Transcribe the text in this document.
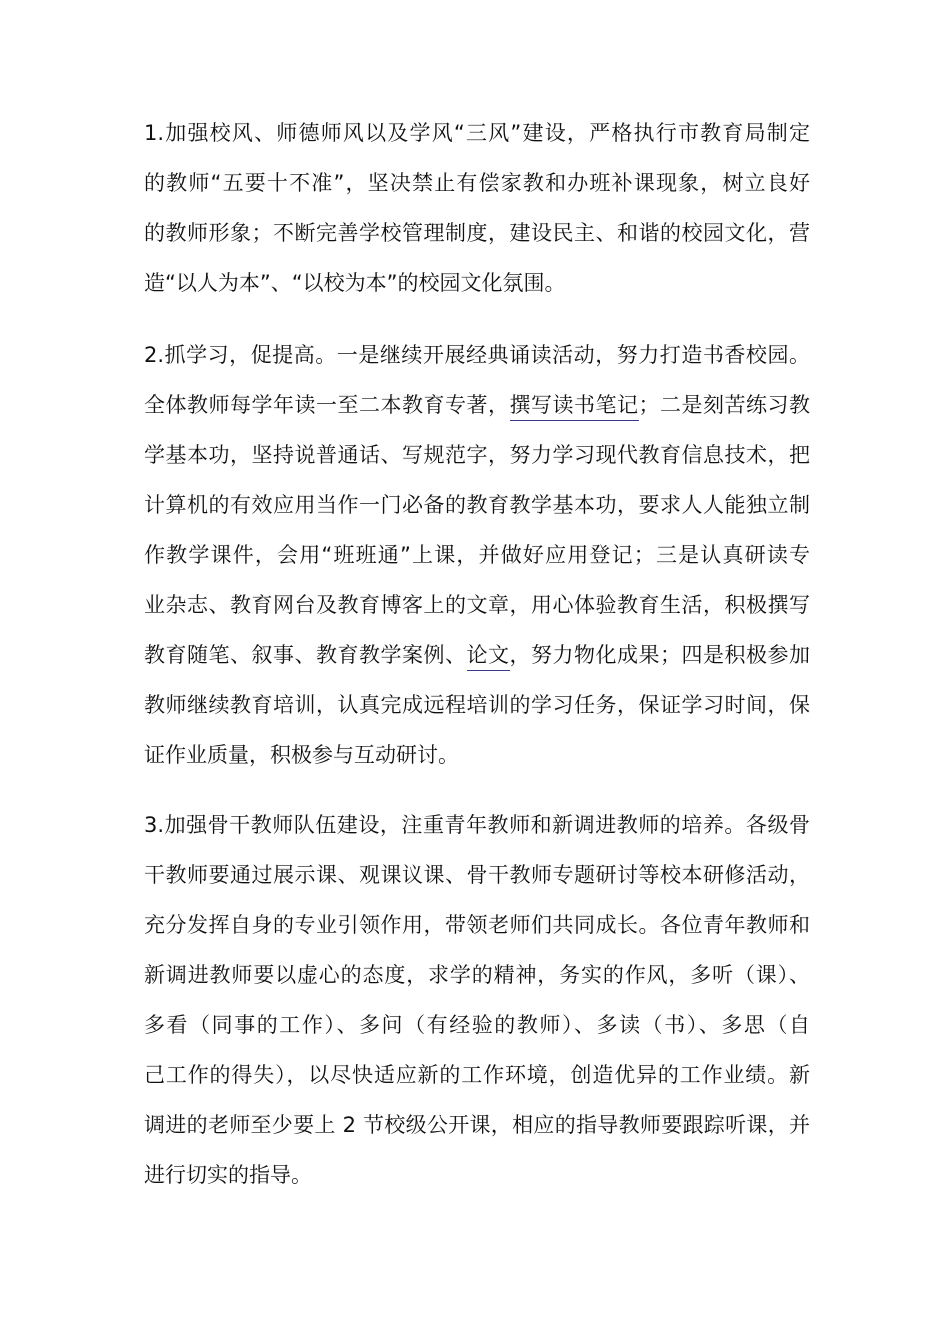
1.加强校风、师德师风以及学风“三风”建设，严格执行市教育局制定
的教师“五要十不准”，坚决禁止有偿家教和办班补课现象，树立良好
的教师形象；不断完善学校管理制度，建设民主、和谐的校园文化，营
造“以人为本”、“以校为本”的校园文化氛围。
2.抓学习，促提高。一是继续开展经典诵读活动，努力打造书香校园。
全体教师每学年读一至二本教育专著，撰写读书笔记；二是刻苦练习教
学基本功，坚持说普通话、写规范字，努力学习现代教育信息技术，把
计算机的有效应用当作一门必备的教育教学基本功，要求人人能独立制
作教学课件，会用“班班通”上课，并做好应用登记；三是认真研读专
业杂志、教育网台及教育博客上的文章，用心体验教育生活，积极撰写
教育随笔、叙事、教育教学案例、论文，努力物化成果；四是积极参加
教师继续教育培训，认真完成远程培训的学习任务，保证学习时间，保
证作业质量，积极参与互动研讨。
3.加强骨干教师队伍建设，注重青年教师和新调进教师的培养。各级骨
干教师要通过展示课、观课议课、骨干教师专题研讨等校本研修活动，
充分发挥自身的专业引领作用，带领老师们共同成长。各位青年教师和
新调进教师要以虚心的态度，求学的精神，务实的作风，多听（课）、
多看（同事的工作）、多问（有经验的教师）、多读（书）、多思（自
己工作的得失），以尽快适应新的工作环境，创造优异的工作业绩。新
调进的老师至少要上 2 节校级公开课，相应的指导教师要跟踪听课，并
进行切实的指导。
